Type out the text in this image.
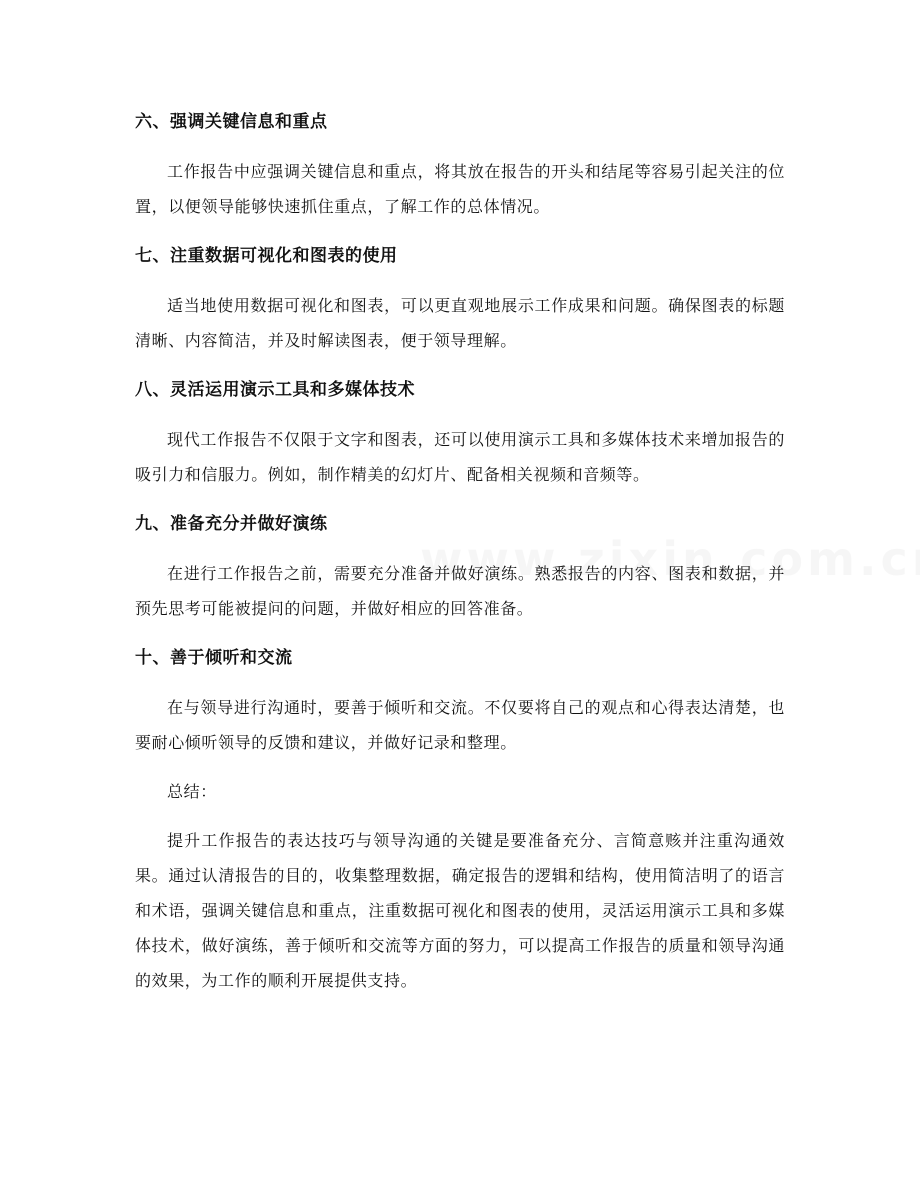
六、强调关键信息和重点

工作报告中应强调关键信息和重点，将其放在报告的开头和结尾等容易引起关注的位置，以便领导能够快速抓住重点，了解工作的总体情况。

七、注重数据可视化和图表的使用

适当地使用数据可视化和图表，可以更直观地展示工作成果和问题。确保图表的标题清晰、内容简洁，并及时解读图表，便于领导理解。

八、灵活运用演示工具和多媒体技术

现代工作报告不仅限于文字和图表，还可以使用演示工具和多媒体技术来增加报告的吸引力和信服力。例如，制作精美的幻灯片、配备相关视频和音频等。

九、准备充分并做好演练

在进行工作报告之前，需要充分准备并做好演练。熟悉报告的内容、图表和数据，并预先思考可能被提问的问题，并做好相应的回答准备。

十、善于倾听和交流

在与领导进行沟通时，要善于倾听和交流。不仅要将自己的观点和心得表达清楚，也要耐心倾听领导的反馈和建议，并做好记录和整理。

总结：

提升工作报告的表达技巧与领导沟通的关键是要准备充分、言简意赅并注重沟通效果。通过认清报告的目的，收集整理数据，确定报告的逻辑和结构，使用简洁明了的语言和术语，强调关键信息和重点，注重数据可视化和图表的使用，灵活运用演示工具和多媒体技术，做好演练，善于倾听和交流等方面的努力，可以提高工作报告的质量和领导沟通的效果，为工作的顺利开展提供支持。
